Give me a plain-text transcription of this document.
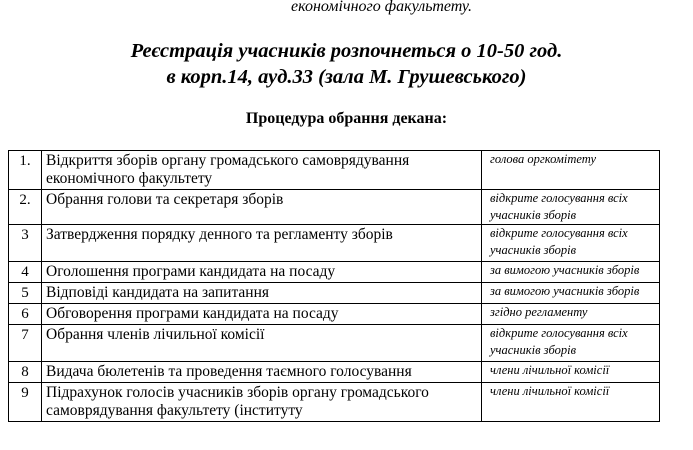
економічного факультету.
Реєстрація учасників розпочнеться о 10-50 год.
в корп.14, ауд.33 (зала М. Грушевського)
Процедура обрання декана:
1.	Відкриття зборів органу громадського самоврядування економічного факультету	голова оргкомітету
2.	Обрання голови та секретаря зборів	відкрите голосування всіх учасників зборів
3	Затвердження порядку денного та регламенту зборів	відкрите голосування всіх учасників зборів
4	Оголошення програми кандидата на посаду	за вимогою учасників зборів
5	Відповіді кандидата на запитання	за вимогою учасників зборів
6	Обговорення програми кандидата на посаду	згідно регламенту
7	Обрання членів лічильної комісії	відкрите голосування всіх учасників зборів
8	Видача бюлетенів та проведення таємного голосування	члени лічильної комісії
9	Підрахунок голосів учасників зборів органу громадського самоврядування факультету (інституту	члени лічильної комісії
